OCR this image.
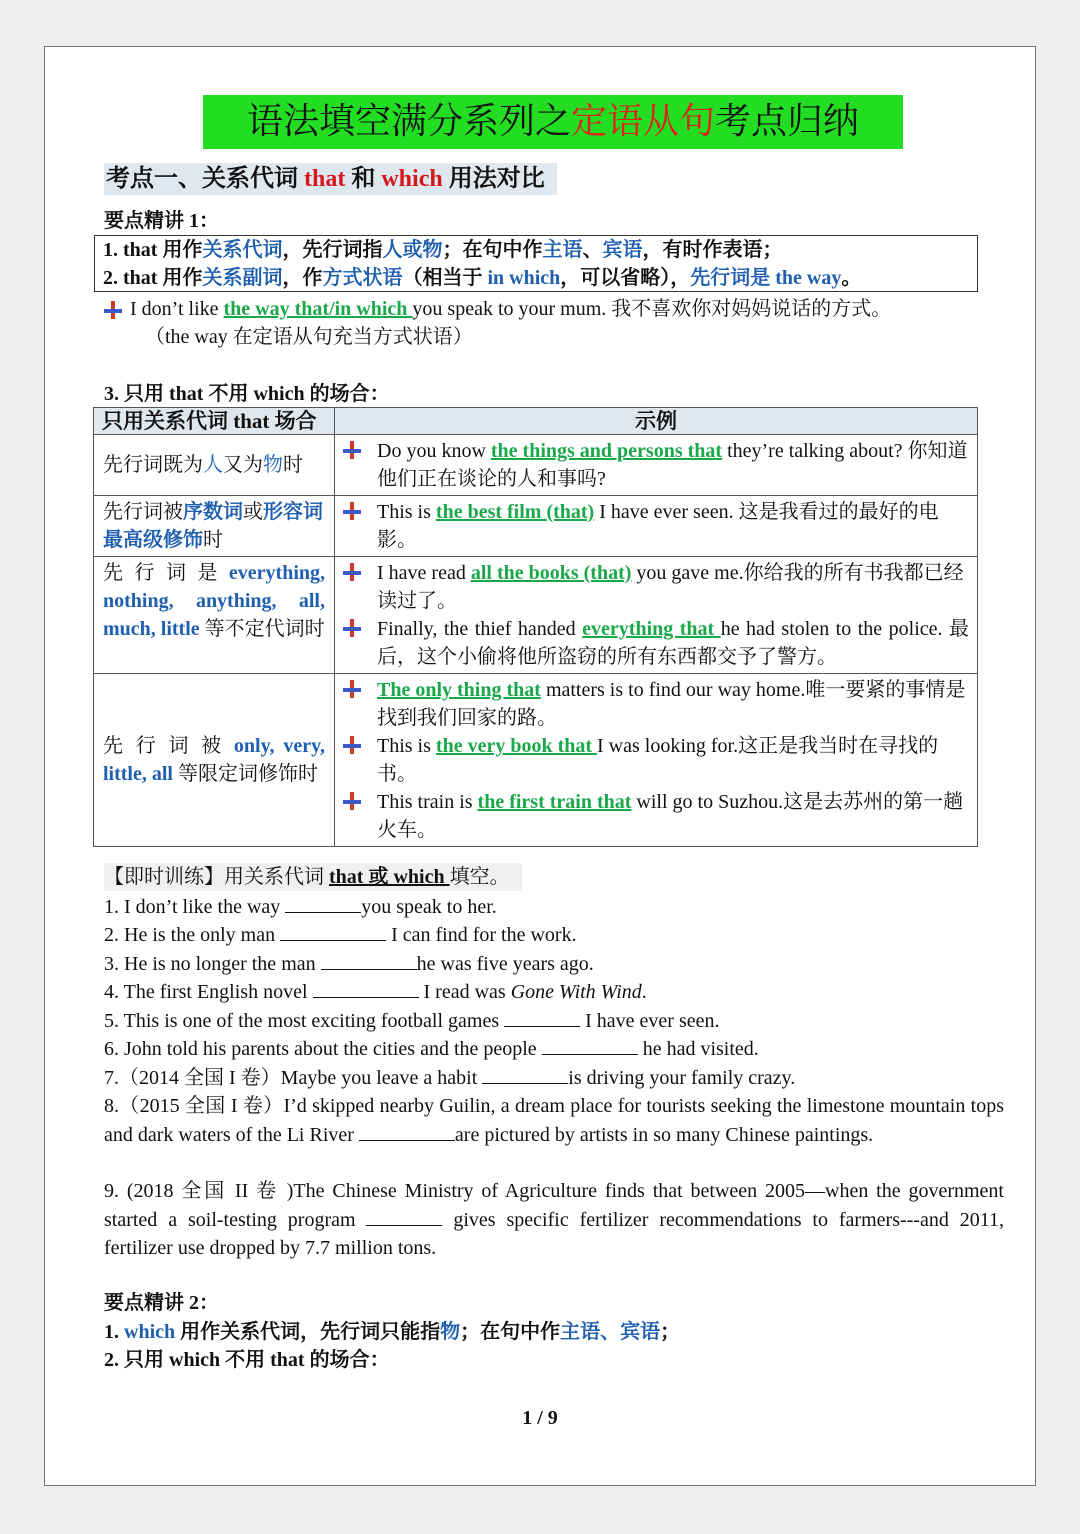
语法填空满分系列之定语从句考点归纳
考点一、关系代词 that 和 which 用法对比
要点精讲 1：
1. that 用作关系代词，先行词指人或物；在句中作主语、宾语，有时作表语；
2. that 用作关系副词，作方式状语（相当于 in which，可以省略），先行词是 the way。
I don’t like the way that/in which you speak to your mum. 我不喜欢你对妈妈说话的方式。
（the way 在定语从句充当方式状语）
3. 只用 that 不用 which 的场合：
只用关系代词 that 场合	示例
先行词既为人又为物时	Do you know the things and persons that they’re talking about? 你知道他们正在谈论的人和事吗?

先行词被序数词或形容词最高级修饰时	This is the best film (that) I have ever seen. 这是我看过的最好的电影。

先 行 词 是 everything, nothing, anything, all, much, little 等不定代词时	I have read all the books (that) you gave me.你给我的所有书我都已经读过了。
Finally, the thief handed everything that he had stolen to the police. 最后，这个小偷将他所盗窃的所有东西都交予了警方。

先 行 词 被 only, very, little, all 等限定词修饰时	The only thing that matters is to find our way home.唯一要紧的事情是找到我们回家的路。
This is the very book that I was looking for.这正是我当时在寻找的书。
This train is the first train that will go to Suzhou.这是去苏州的第一趟火车。
【即时训练】用关系代词 that 或 which 填空。
1. I don’t like the way	you speak to her.
2. He is the only man	I can find for the work.
3. He is no longer the man	he was five years ago.
4. The first English novel	I read was Gone With Wind.
5. This is one of the most exciting football games	I have ever seen.
6. John told his parents about the cities and the people	he had visited.
7.（2014 全国 I 卷）Maybe you leave a habit	is driving your family crazy.
8.（2015 全国 I 卷）I’d skipped nearby Guilin, a dream place for tourists seeking the limestone mountain tops and dark waters of the Li River	are pictured by artists in so many Chinese paintings.
9. (2018 全国 II 卷 )The Chinese Ministry of Agriculture finds that between 2005—when the government started a soil-testing program	gives specific fertilizer recommendations to farmers---and 2011, fertilizer use dropped by 7.7 million tons.
要点精讲 2：
1. which 用作关系代词，先行词只能指物；在句中作主语、宾语；
2. 只用 which 不用 that 的场合：
1 / 9
